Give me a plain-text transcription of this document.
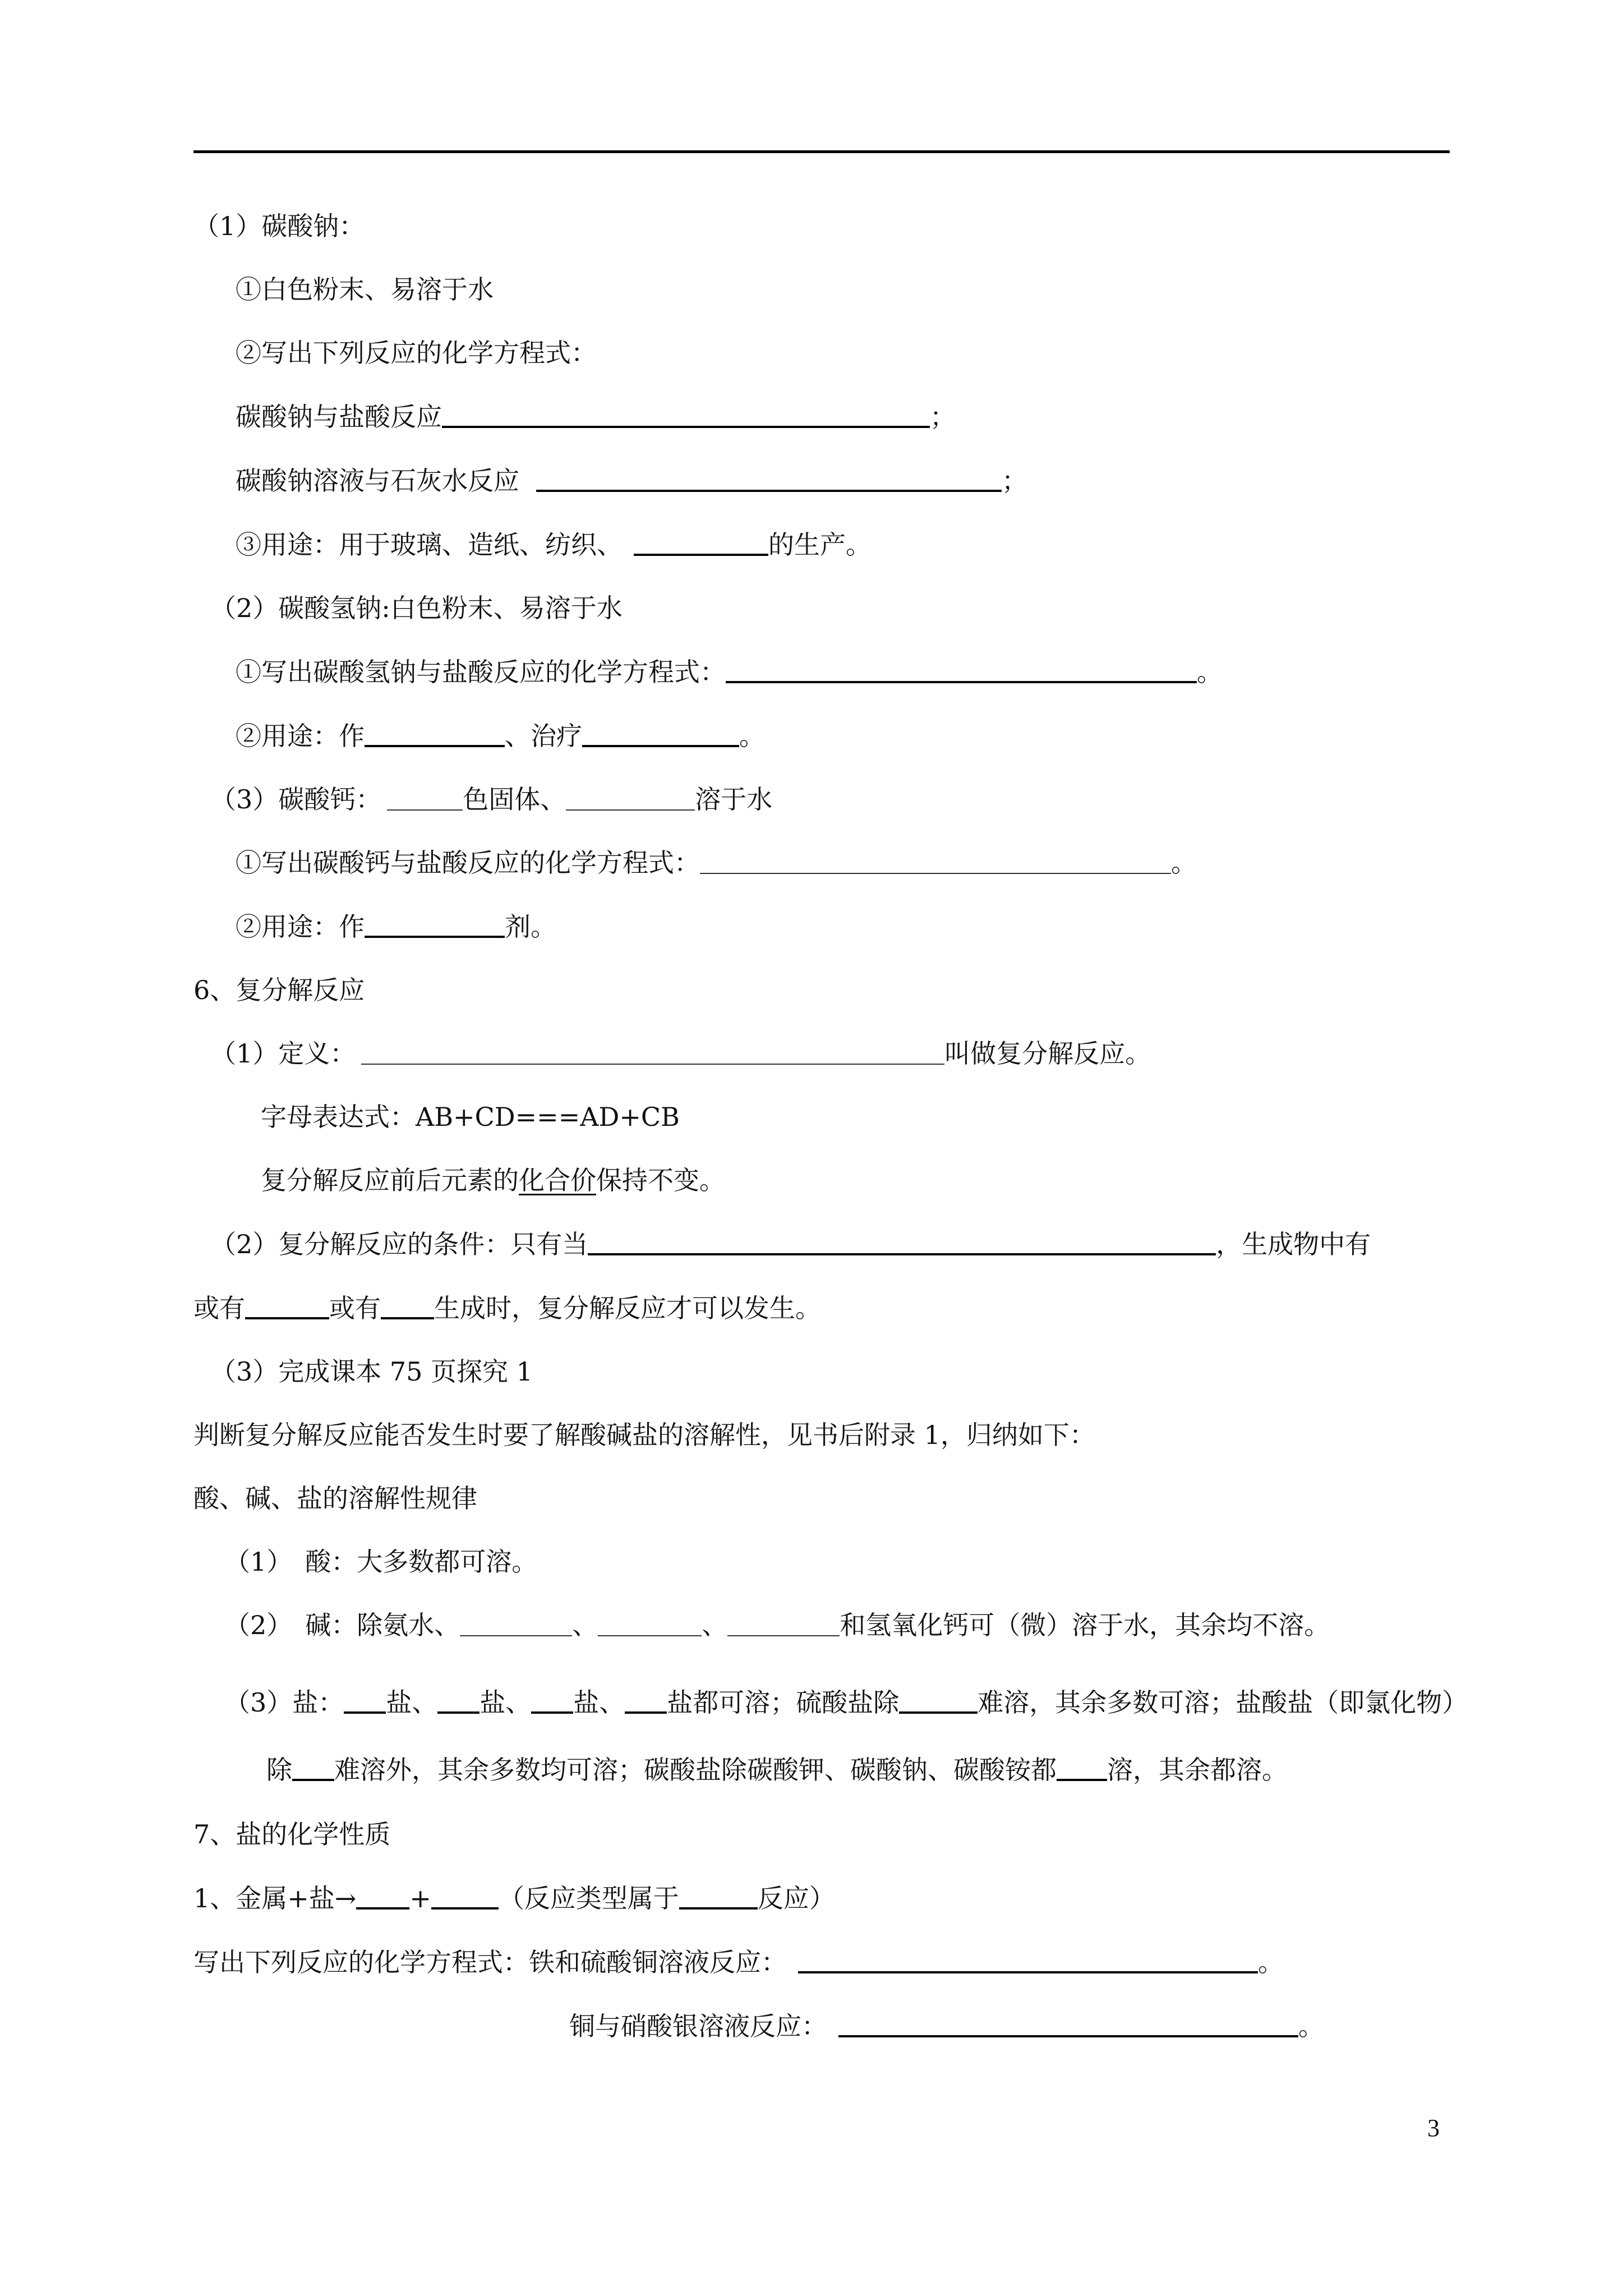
（1）碳酸钠：
①白色粉末、易溶于水
②写出下列反应的化学方程式：
碳酸钠与盐酸反应	；
碳酸钠溶液与石灰水反应	；
③用途：用于玻璃、造纸、纺织、	的生产。
（2）碳酸氢钠:白色粉末、易溶于水
①写出碳酸氢钠与盐酸反应的化学方程式：	。
②用途：作	、治疗	。
（3）碳酸钙：	色固体、	溶于水
①写出碳酸钙与盐酸反应的化学方程式：	。
②用途：作	剂。
6、复分解反应
（1）定义：	叫做复分解反应。
字母表达式：AB+CD===AD+CB
复分解反应前后元素的化合价保持不变。
（2）复分解反应的条件：只有当	，生成物中有
或有	或有 生成时，复分解反应才可以发生。
（3）完成课本 75 页探究 1
判断复分解反应能否发生时要了解酸碱盐的溶解性，见书后附录 1，归纳如下：
酸、碱、盐的溶解性规律
（1）　酸：大多数都可溶。
（2）　碱：除氨水、	、	、	和氢氧化钙可（微）溶于水，其余均不溶。
（3）盐： 盐、 盐、 盐、 盐都可溶；硫酸盐除	难溶，其余多数可溶；盐酸盐（即氯化物）除 难溶外，其余多数均可溶；碳酸盐除碳酸钾、碳酸钠、碳酸铵都 溶，其余都溶。
7、盐的化学性质
1、金属+盐→ +	（反应类型属于	反应）
写出下列反应的化学方程式：铁和硫酸铜溶液反应：	。
铜与硝酸银溶液反应：	。
3
